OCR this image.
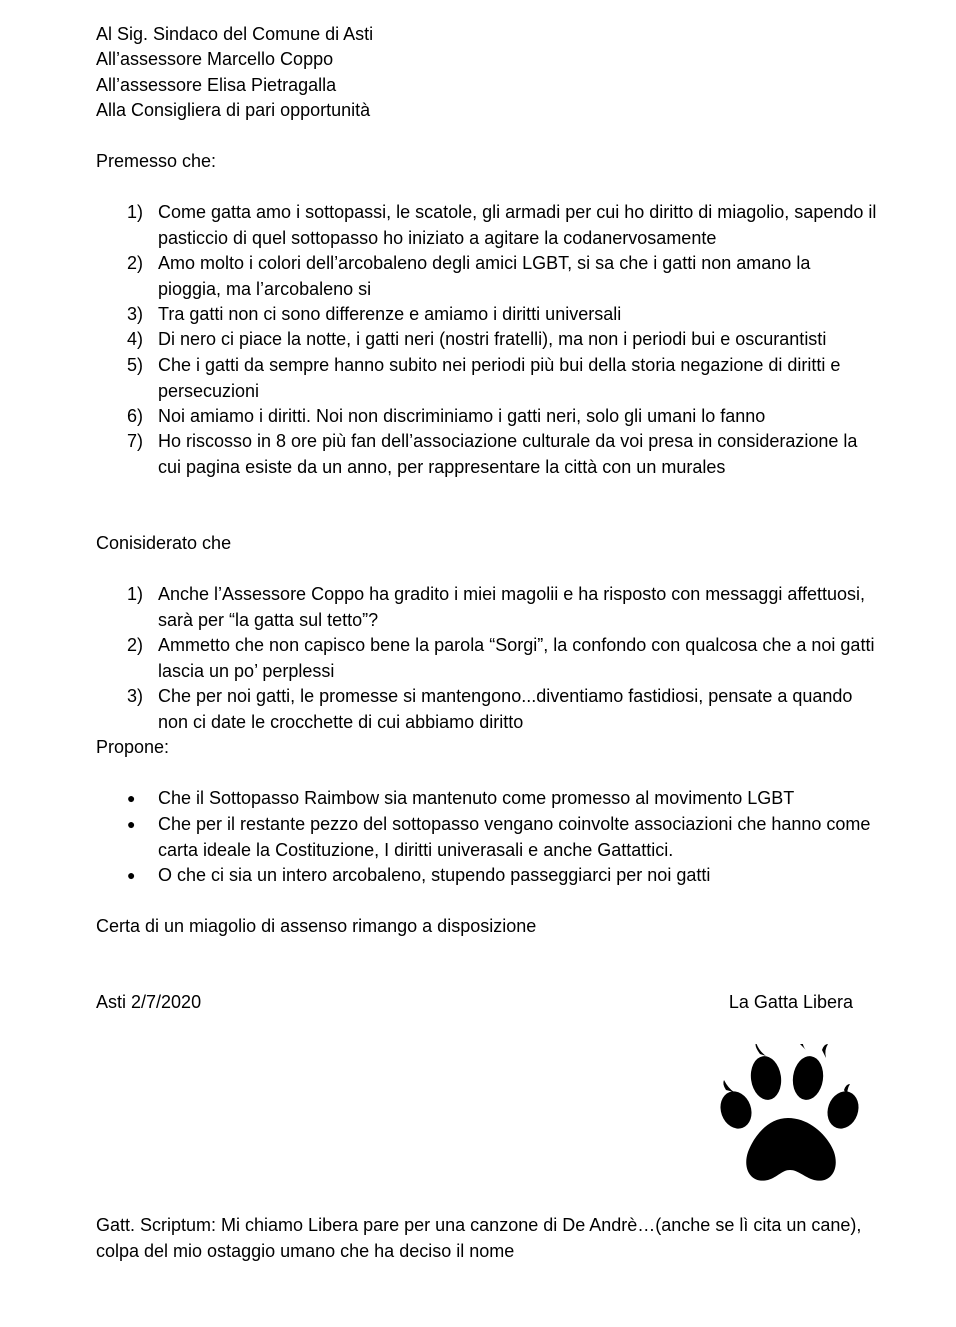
Al Sig. Sindaco del Comune di Asti
All’assessore Marcello Coppo
All’assessore Elisa Pietragalla
Alla Consigliera di pari opportunità
Premesso che:
1) Come gatta amo i sottopassi, le scatole, gli armadi per cui ho diritto di miagolio, sapendo il pasticcio di quel sottopasso ho iniziato a agitare la codanervosamente
2) Amo molto i colori dell’arcobaleno degli amici LGBT, si sa che i gatti non amano la pioggia, ma l’arcobaleno si
3) Tra gatti non ci sono differenze e amiamo i diritti universali
4) Di nero ci piace la notte, i gatti neri (nostri fratelli), ma non i periodi bui e oscurantisti
5) Che i gatti da sempre hanno subito nei periodi più bui della storia negazione di diritti e persecuzioni
6) Noi amiamo i diritti. Noi non discriminiamo i gatti neri, solo gli umani lo fanno
7) Ho riscosso in 8 ore più fan dell’associazione culturale da voi presa in considerazione la cui pagina esiste da un anno, per rappresentare la città con un murales
Conisiderato che
1) Anche l’Assessore Coppo ha gradito i miei magolii e ha risposto con messaggi affettuosi, sarà per “la gatta sul tetto”?
2) Ammetto che non capisco bene la parola “Sorgi”, la confondo con qualcosa che a noi gatti lascia un po’ perplessi
3) Che per noi gatti, le promesse si mantengono...diventiamo fastidiosi, pensate a quando non ci date le crocchette di cui abbiamo diritto
Propone:
● Che il Sottopasso Raimbow sia mantenuto come promesso al movimento LGBT
● Che per il restante pezzo del sottopasso vengano coinvolte associazioni che hanno come carta ideale la Costituzione, I diritti univerasali e anche Gattattici.
● O che ci sia un intero arcobaleno, stupendo passeggiarci per noi gatti
Certa di un miagolio di assenso rimango a disposizione
Asti 2/7/2020	La Gatta Libera
Gatt. Scriptum: Mi chiamo Libera pare per una canzone di De Andrè…(anche se lì cita un cane), colpa del mio ostaggio umano che ha deciso il nome
